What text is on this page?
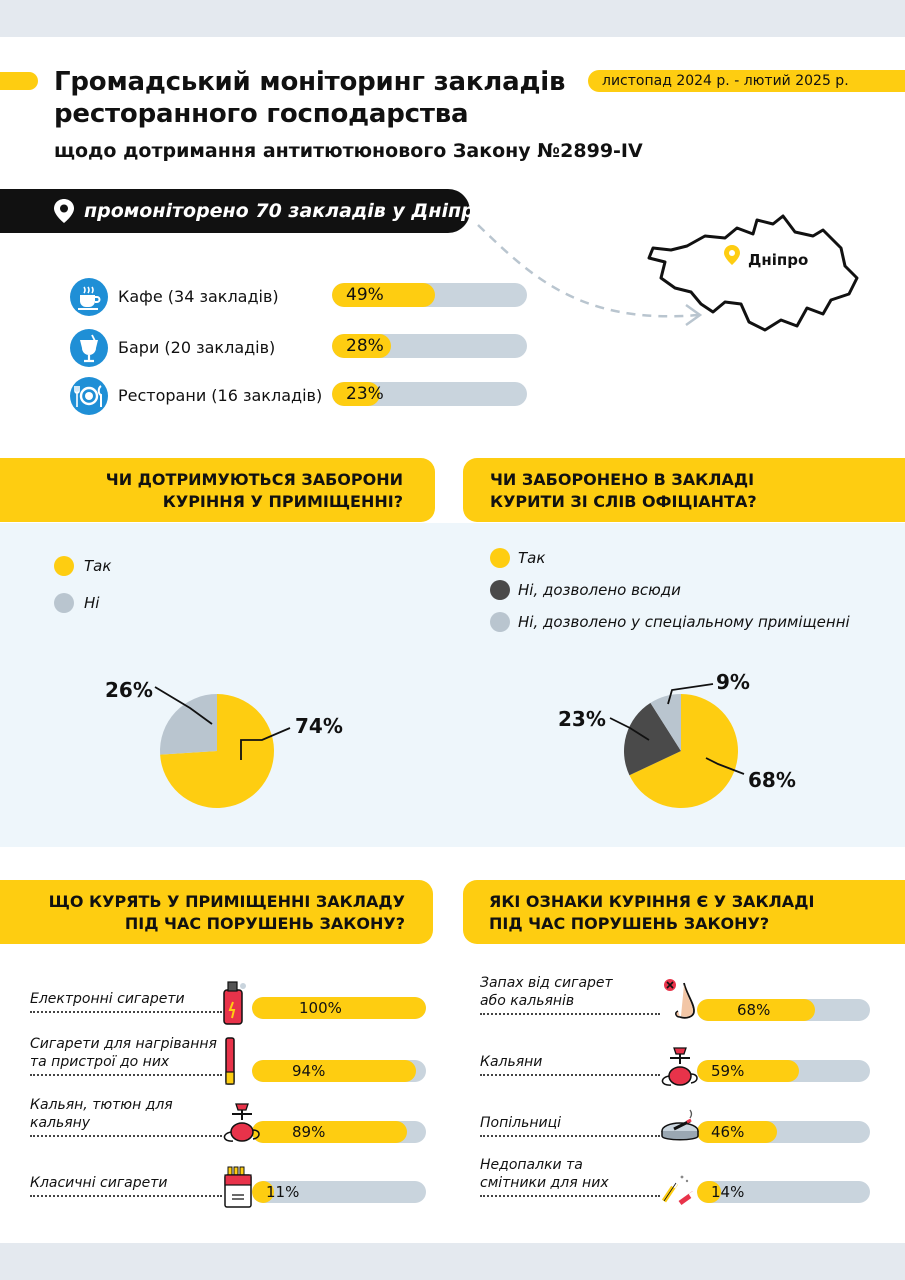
Громадський моніторинг закладів
ресторанного господарства
щодо дотримання антитютюнового Закону №2899-IV
листопад 2024 р. - лютий 2025 р.
промоніторено 70 закладів у Дніпрі
Дніпро
Кафе (34 закладів)	49%
Бари (20 закладів)	28%
Ресторани (16 закладів) 23%
ЧИ ДОТРИМУЮТЬСЯ ЗАБОРОНИ
КУРІННЯ У ПРИМІЩЕННІ?
ЧИ ЗАБОРОНЕНО В ЗАКЛАДІ
КУРИТИ ЗІ СЛІВ ОФІЦІАНТА?
Так
Ні
Так
Ні, дозволено всюди
Ні, дозволено у спеціальному приміщенні
26%
74%	23%
9%
68%
ЩО КУРЯТЬ У ПРИМІЩЕННІ ЗАКЛАДУ
ПІД ЧАС ПОРУШЕНЬ ЗАКОНУ?
ЯКІ ОЗНАКИ КУРІННЯ Є У ЗАКЛАДІ
ПІД ЧАС ПОРУШЕНЬ ЗАКОНУ?
Електронні сигарети	100%
Сигарети для нагрівання
та пристрої до них	94%
Кальян, тютюн для
кальяну	89%
Класичні сигарети	11%
Запах від сигарет
або кальянів	68%
Кальяни	59%
Попільниці	46%
Недопалки та
смітники для них	14%
